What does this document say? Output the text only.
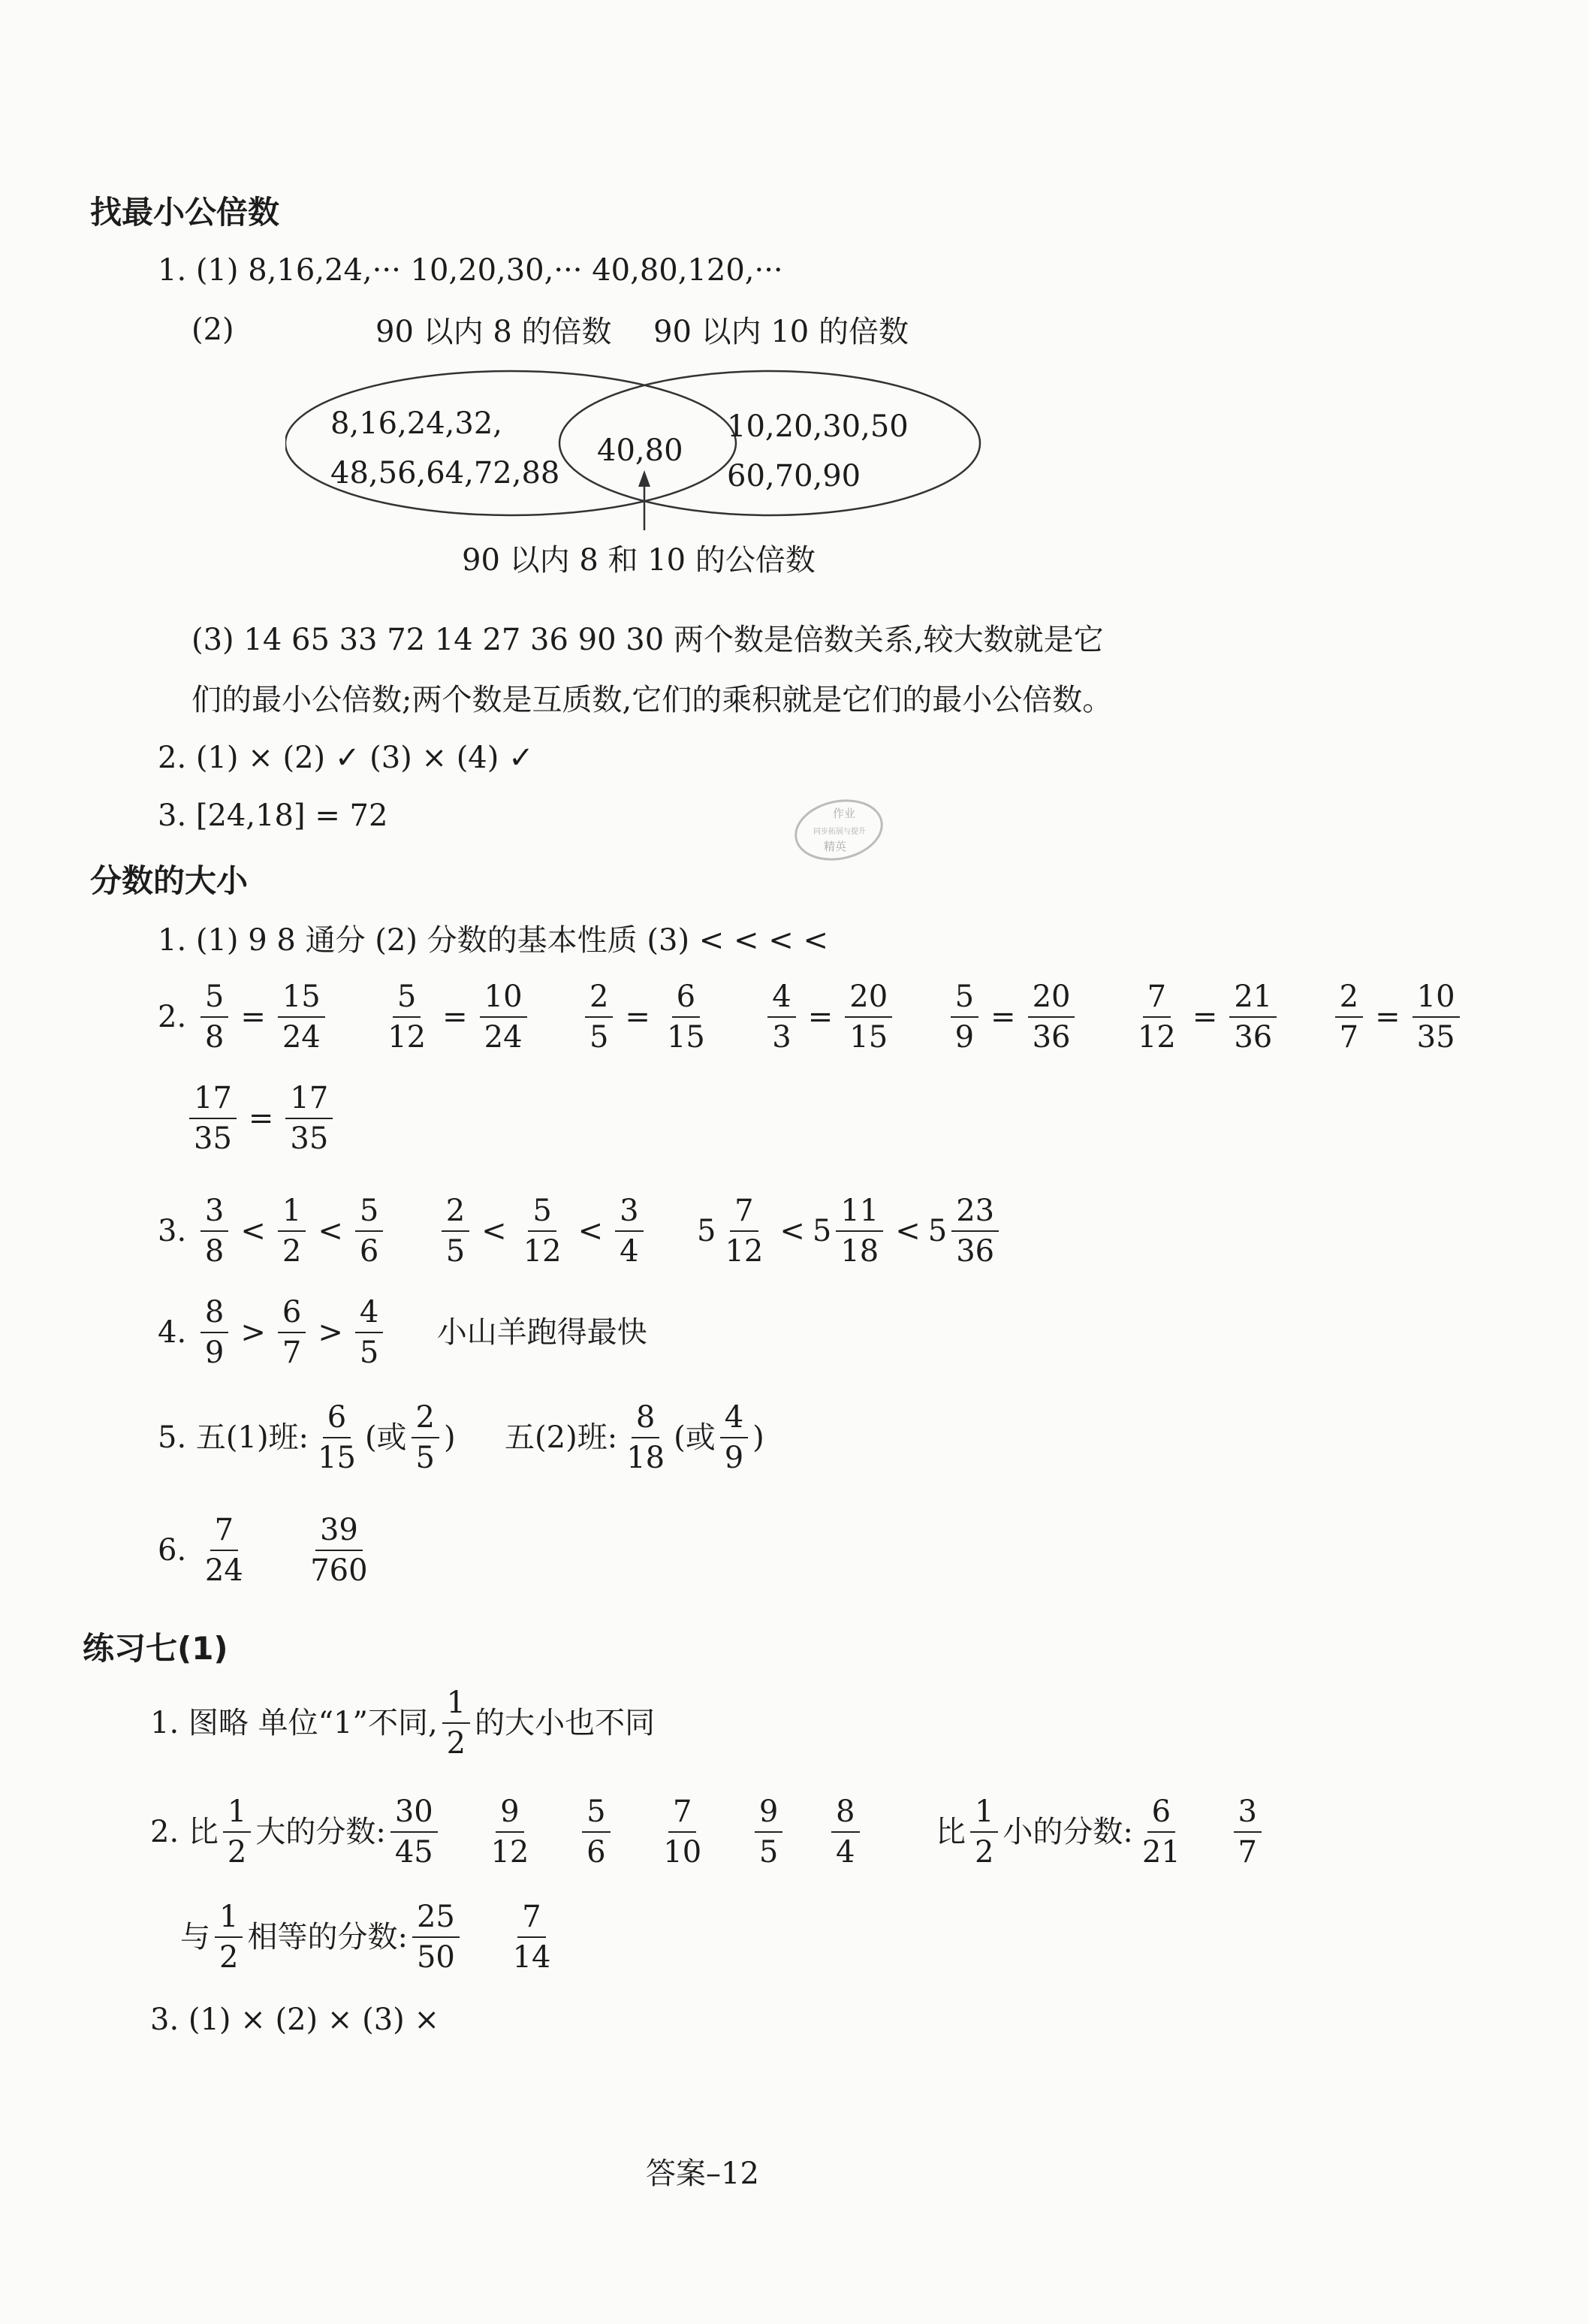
找最小公倍数
1. (1) 8,16,24,··· 10,20,30,··· 40,80,120,···
(2)	90 以内 8 的倍数 90 以内 10 的倍数
8,16,24,32,
48,56,64,72,88
40,80
10,20,30,50
60,70,90
90 以内 8 和 10 的公倍数
(3) 14 65 33 72 14 27 36 90 30 两个数是倍数关系,较大数就是它
们的最小公倍数;两个数是互质数,它们的乘积就是它们的最小公倍数。
2. (1) × (2) ✓ (3) × (4) ✓
3. [24,18] = 72	作业
同步拓展与提升
精英
分数的大小
1. (1) 9 8 通分 (2) 分数的基本性质 (3) < < < <
2. $\frac{5}{8} = \frac{15}{24}$
$\frac{5}{12} = \frac{10}{24}$
$\frac{2}{5} = \frac{6}{15}$
$\frac{4}{3} = \frac{20}{15}$
$\frac{5}{9} = \frac{20}{36}$
$\frac{7}{12} = \frac{21}{36}$
$\frac{2}{7} = \frac{10}{35}$
$\frac{17}{35} = \frac{17}{35}$
3. $\frac{3}{8} < \frac{1}{2} < \frac{5}{6}$
$\frac{2}{5} < \frac{5}{12} < \frac{3}{4}$
$5 \frac{7}{12} < 5 \frac{11}{18} < 5 \frac{23}{36}$
4. $\frac{8}{9} > \frac{6}{7} > \frac{4}{5}$ 小山羊跑得最快
5. 五(1)班: $\frac{6}{15}$ (或 $\frac{2}{5}$ ) 五(2)班: $\frac{8}{18}$ (或 $\frac{4}{9}$ )
6. $\frac{7}{24}$
$\frac{39}{760}$
练习七(1)
1. 图略 单位“1”不同, $\frac{1}{2}$ 的大小也不同
2. 比 $\frac{1}{2}$ 大的分数: $\frac{30}{45}$
$\frac{9}{12}$
$\frac{5}{6}$
$\frac{7}{10}$
$\frac{9}{5}$
$\frac{8}{4}$	比 $\frac{1}{2}$ 小的分数: $\frac{6}{21}$
$\frac{3}{7}$
与 $\frac{1}{2}$ 相等的分数: $\frac{25}{50}$
$\frac{7}{14}$
3. (1) × (2) × (3) ×
答案–12
